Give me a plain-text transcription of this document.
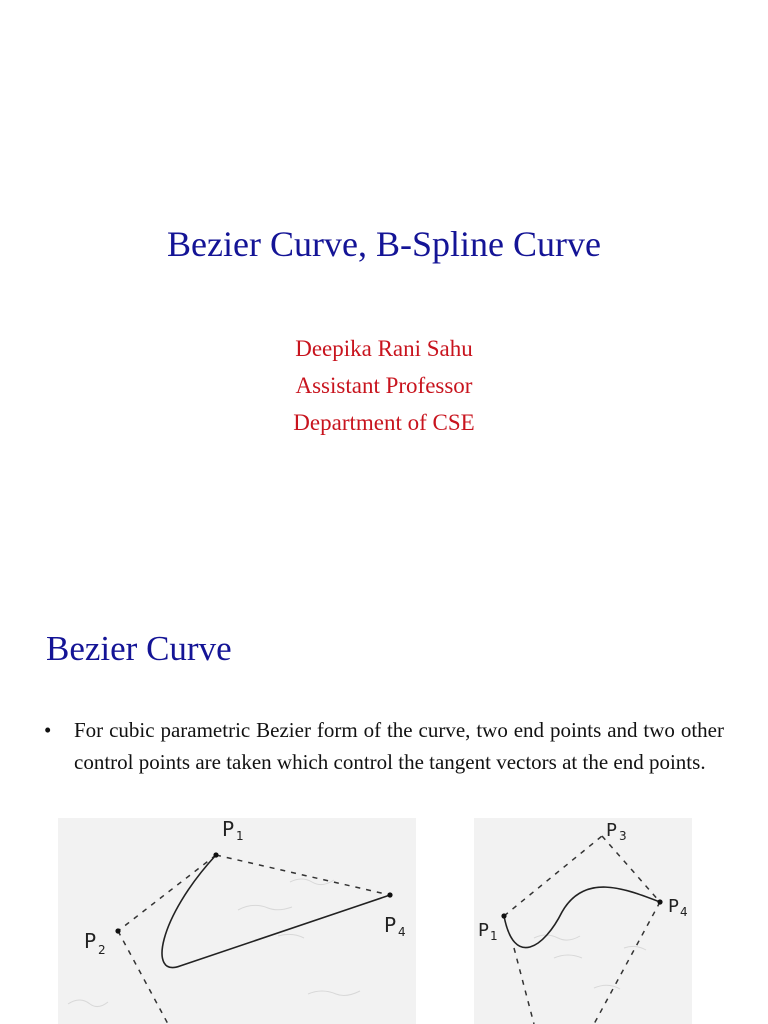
Bezier Curve, B-Spline Curve
Deepika Rani Sahu
Assistant Professor
Department of CSE
Bezier Curve
•	For cubic parametric Bezier form of the curve, two end points and two other control points are taken which control the tangent vectors at the end points.
P 1
P 2
P 4
P 3
P 1
P 4
